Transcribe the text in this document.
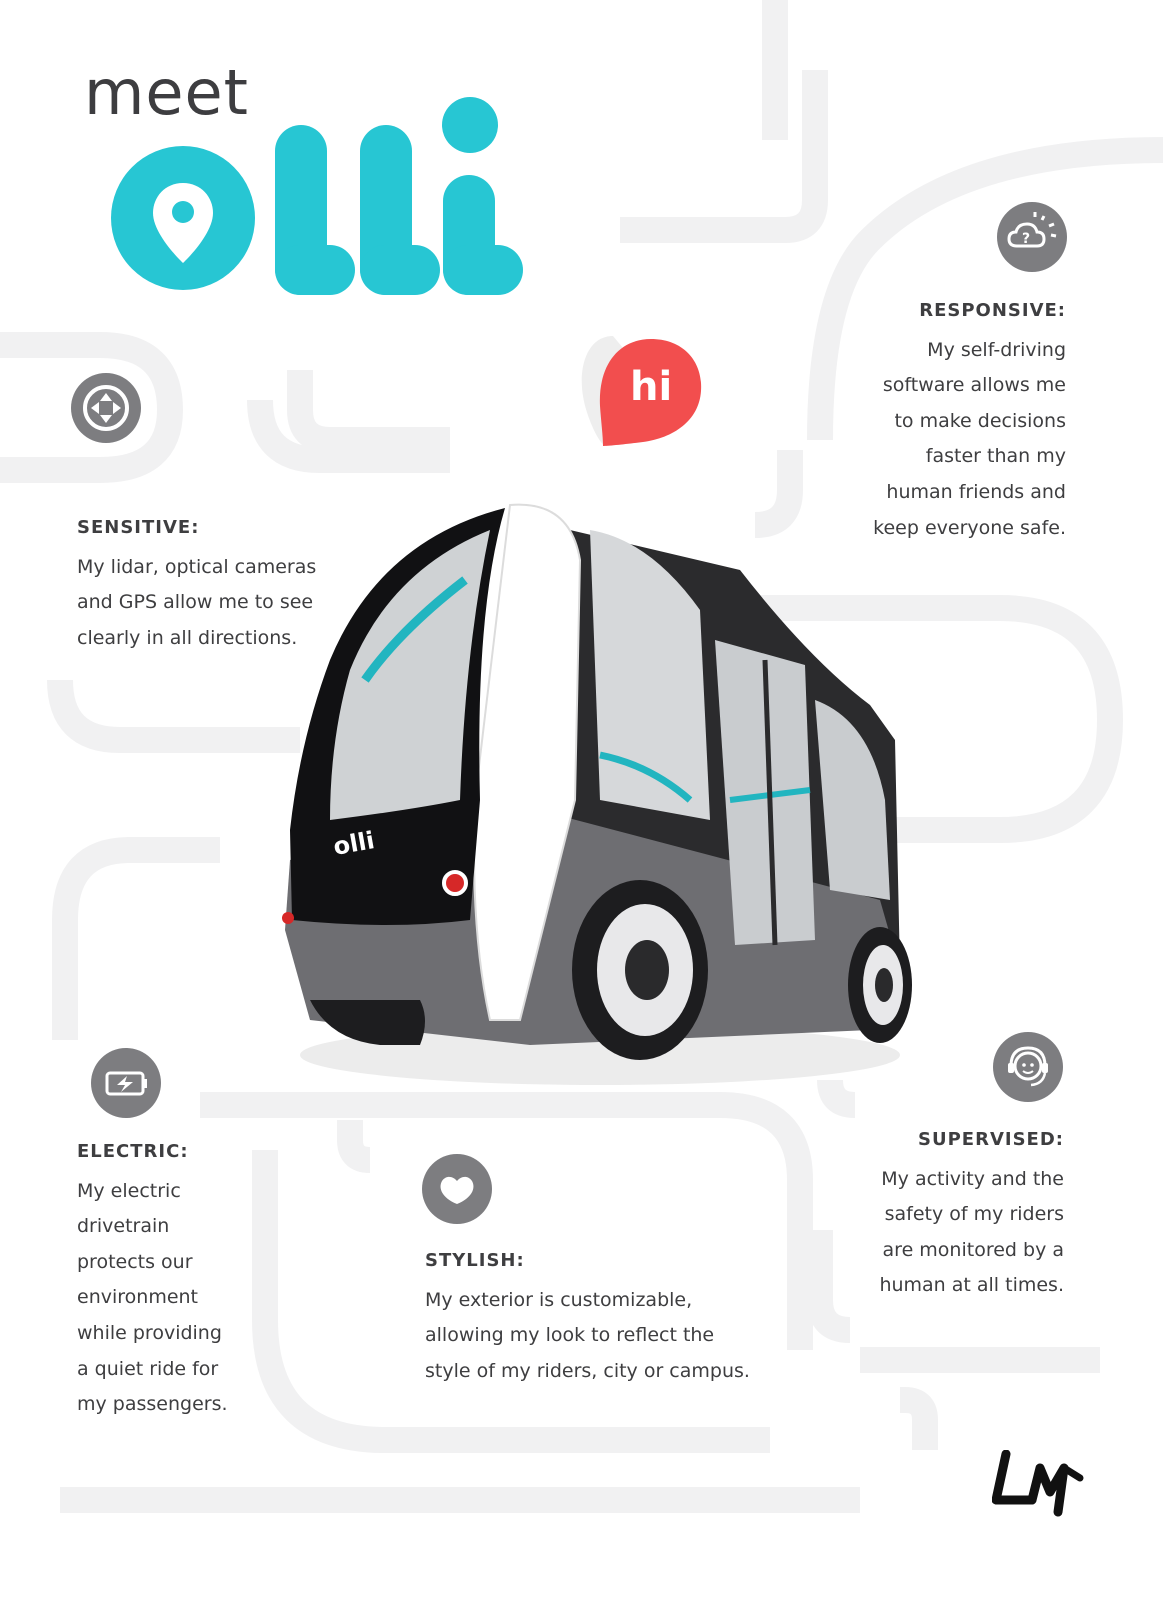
meet
hi
olli
?
RESPONSIVE:
My self-driving
software allows me
to make decisions
faster than my
human friends and
keep everyone safe.
SENSITIVE:
My lidar, optical cameras
and GPS allow me to see
clearly in all directions.
ELECTRIC:
My electric
drivetrain
protects our
environment
while providing
a quiet ride for
my passengers.
STYLISH:
My exterior is customizable,
allowing my look to reflect the
style of my riders, city or campus.
SUPERVISED:
My activity and the
safety of my riders
are monitored by a
human at all times.
